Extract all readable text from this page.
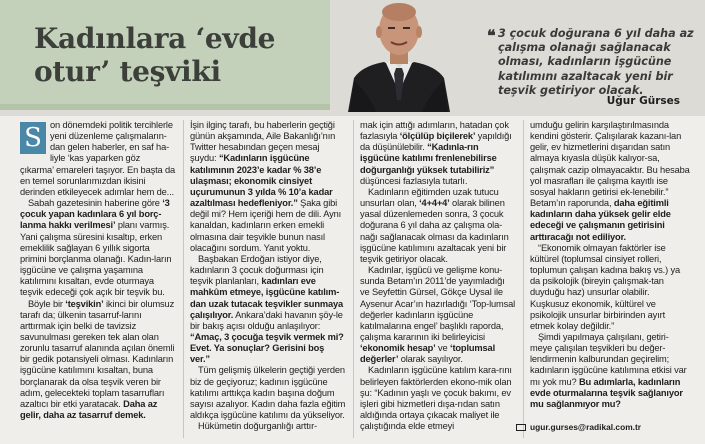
Kadınlara ‘evde
otur’ teşviki
❝ 3 çocuk doğurana 6 yıl daha az çalışma olanağı sağlanacak olması, kadınların işgücüne katılımını azaltacak yeni bir teşvik getiriyor olacak.

Uğur Gürses

S on dönemdeki politik tercihlerle yeni düzenleme çalışmaların-dan gelen haberler, en saf ha-liyle ‘kas yaparken göz çıkarma’ emareleri taşıyor. En başta da en temel sorunlarımızdan ikisini derinden etkileyecek adımlar hem de...

Sabah gazetesinin haberine göre ‘3 çocuk yapan kadınlara 6 yıl borç-lanma hakkı verilmesi’ planı varmış. Yani çalışma süresini kısaltıp, erken emeklilik sağlayan 6 yıllık sigorta primini borçlanma olanağı. Kadın-ların işgücüne ve çalışma yaşamına katılımını kısaltan, evde oturmaya teşvik edeceği çok açık bir teşvik bu.

Böyle bir ‘teşvikin’ ikinci bir olumsuz tarafı da; ülkenin tasarruf-larını arttırmak için belki de tavizsiz savunulması gereken tek alan olan zorunlu tasarruf alanında açılan önemli bir gedik potansiyeli olması. Kadınların işgücüne katılımını kısaltan, buna borçlanarak da olsa teşvik veren bir adım, gelecekteki toplam tasarrufları azaltıcı bir etki yaratacak. Daha az gelir, daha az tasarruf demek.

İşin ilginç tarafı, bu haberlerin geçtiği günün akşamında, Aile Bakanlığı’nın Twitter hesabından geçen mesaj şuydu: “Kadınların işgücüne katılımının 2023’e kadar % 38’e ulaşması; ekonomik cinsiyet uçurumunun 3 yılda % 10’a kadar azaltılması hedefleniyor.” Şaka gibi değil mi? Hem içeriği hem de dili. Aynı kanaldan, kadınların erken emekli olmasına dair teşvikle bunun nasıl olacağını sordum. Yanıt yoktu.

Başbakan Erdoğan istiyor diye, kadınların 3 çocuk doğurması için teşvik planlanları, kadınları eve mahkûm etmeye, işgücüne katılım-dan uzak tutacak teşvikler sunmaya çalışılıyor. Ankara’daki havanın şöy-le bir bakış açısı olduğu anlaşılıyor: “Amaç, 3 çocuğa teşvik vermek mi? Evet. Ya sonuçlar? Gerisini boş ver.”

Tüm gelişmiş ülkelerin geçtiği yerden biz de geçiyoruz; kadının işgücüne katılımı arttıkça kadın başına doğum sayısı azalıyor. Kadın daha fazla eğitim aldıkça işgücüne katılımı da yükseliyor.

Hükümetin doğurganlığı arttır-

mak için attığı adımların, hatadan çok fazlasıyla ‘ölçülüp biçilerek’ yapıldığı da düşünülebilir. “Kadınla-rın işgücüne katılımı frenlenebilirse doğurganlığı yüksek tutabiliriz” düşüncesi fazlasıyla tutarlı.

Kadınların eğitimden uzak tutucu unsurları olan, ‘4+4+4’ olarak bilinen yasal düzenlemeden sonra, 3 çocuk doğurana 6 yıl daha az çalışma ola-nağı sağlanacak olması da kadınların işgücüne katılımını azaltacak yeni bir teşvik getiriyor olacak.

Kadınlar, işgücü ve gelişme konu-sunda Betam’ın 2011’de yayımladığı ve Seyfettin Gürsel, Gökçe Uysal ile Aysenur Acar’ın hazırladığı ‘Top-lumsal değerler kadınların işgücüne katılmalarına engel’ başlıklı raporda, çalışma kararının iki belirleyicisi ‘ekonomik hesap’ ve ‘toplumsal değerler’ olarak sayılıyor.

Kadınların işgücüne katılım kara-rını belirleyen faktörlerden ekono-mik olan şu: “Kadının yaşlı ve çocuk bakımı, ev işleri gibi hizmetleri dışa-rıdan satın aldığında ortaya çıkacak maliyet ile çalıştığında elde etmeyi

umduğu gelirin karşılaştırılmasında kendini gösterir. Çalışılarak kazanı-lan gelir, ev hizmetlerini dışarıdan satın almaya kıyasla düşük kalıyor-sa, çalışmak cazip olmayacaktır. Bu hesaba yol masrafları ile çalışma kayıtlı ise sosyal hakların getirisi ek-lenebilir.” Betam’ın raporunda, daha eğitimli kadınların daha yüksek gelir elde edeceği ve çalışmanın getirisini arttıracağı not ediliyor.

“Ekonomik olmayan faktörler ise kültürel (toplumsal cinsiyet rolleri, toplumun çalışan kadına bakış vs.) ya da psikolojik (bireyin çalışmak-tan duyduğu haz) unsurlar olabilir. Kuşkusuz ekonomik, kültürel ve psikolojik unsurlar birbirinden ayırt etmek kolay değildir.”

Şimdi yapılmaya çalışılanı, getiri-meye çalışılan teşvikleri bu değer-lendirmenin kalburundan geçirelim; kadınların işgücüne katılımına etkisi var mı yok mu? Bu adımlarla, kadınların evde oturmalarına teşvik sağlanıyor mu sağlanmıyor mu?

ugur.gurses@radikal.com.tr
